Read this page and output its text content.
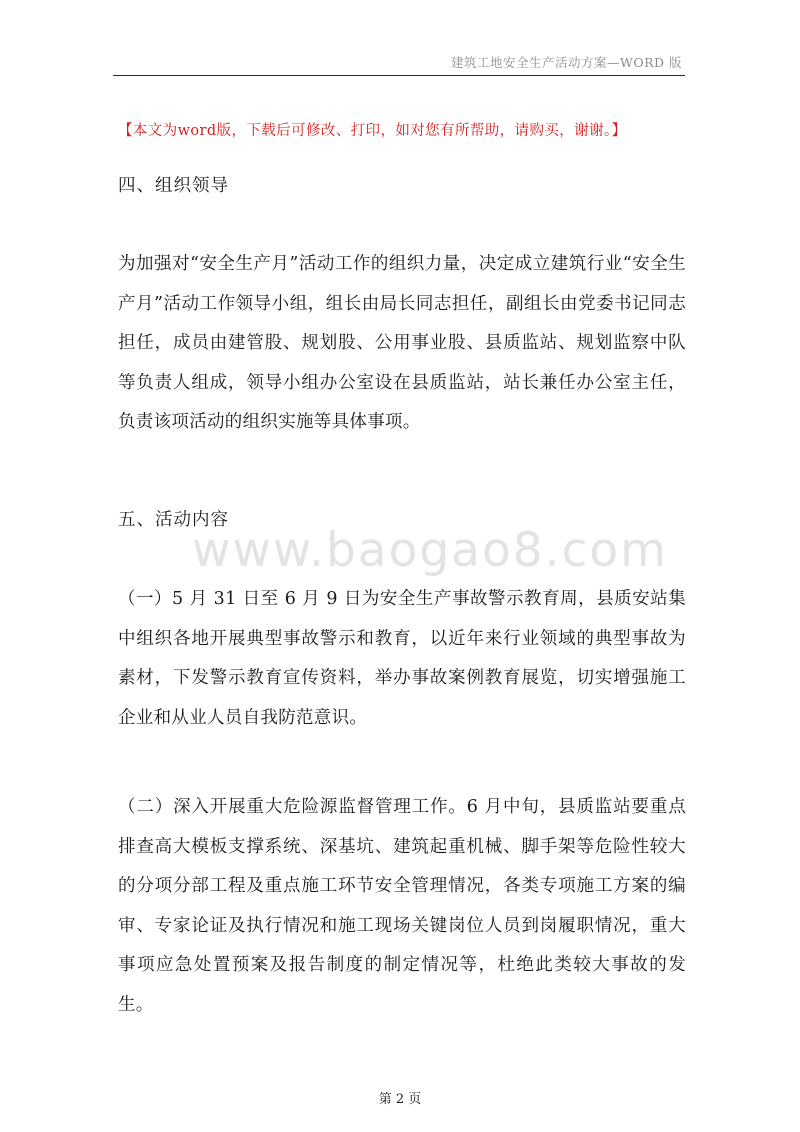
建筑工地安全生产活动方案—WORD 版
【本文为word版，下载后可修改、打印，如对您有所帮助，请购买，谢谢。】
四、组织领导
为加强对“安全生产月”活动工作的组织力量，决定成立建筑行业“安全生产月”活动工作领导小组，组长由局长同志担任，副组长由党委书记同志担任，成员由建管股、规划股、公用事业股、县质监站、规划监察中队等负责人组成，领导小组办公室设在县质监站，站长兼任办公室主任，负责该项活动的组织实施等具体事项。
五、活动内容
www.baogao8.com
（一）5 月 31 日至 6 月 9 日为安全生产事故警示教育周，县质安站集中组织各地开展典型事故警示和教育，以近年来行业领域的典型事故为素材，下发警示教育宣传资料，举办事故案例教育展览，切实增强施工企业和从业人员自我防范意识。
（二）深入开展重大危险源监督管理工作。6 月中旬，县质监站要重点排查高大模板支撑系统、深基坑、建筑起重机械、脚手架等危险性较大的分项分部工程及重点施工环节安全管理情况，各类专项施工方案的编审、专家论证及执行情况和施工现场关键岗位人员到岗履职情况，重大事项应急处置预案及报告制度的制定情况等，杜绝此类较大事故的发生。
第 2 页
